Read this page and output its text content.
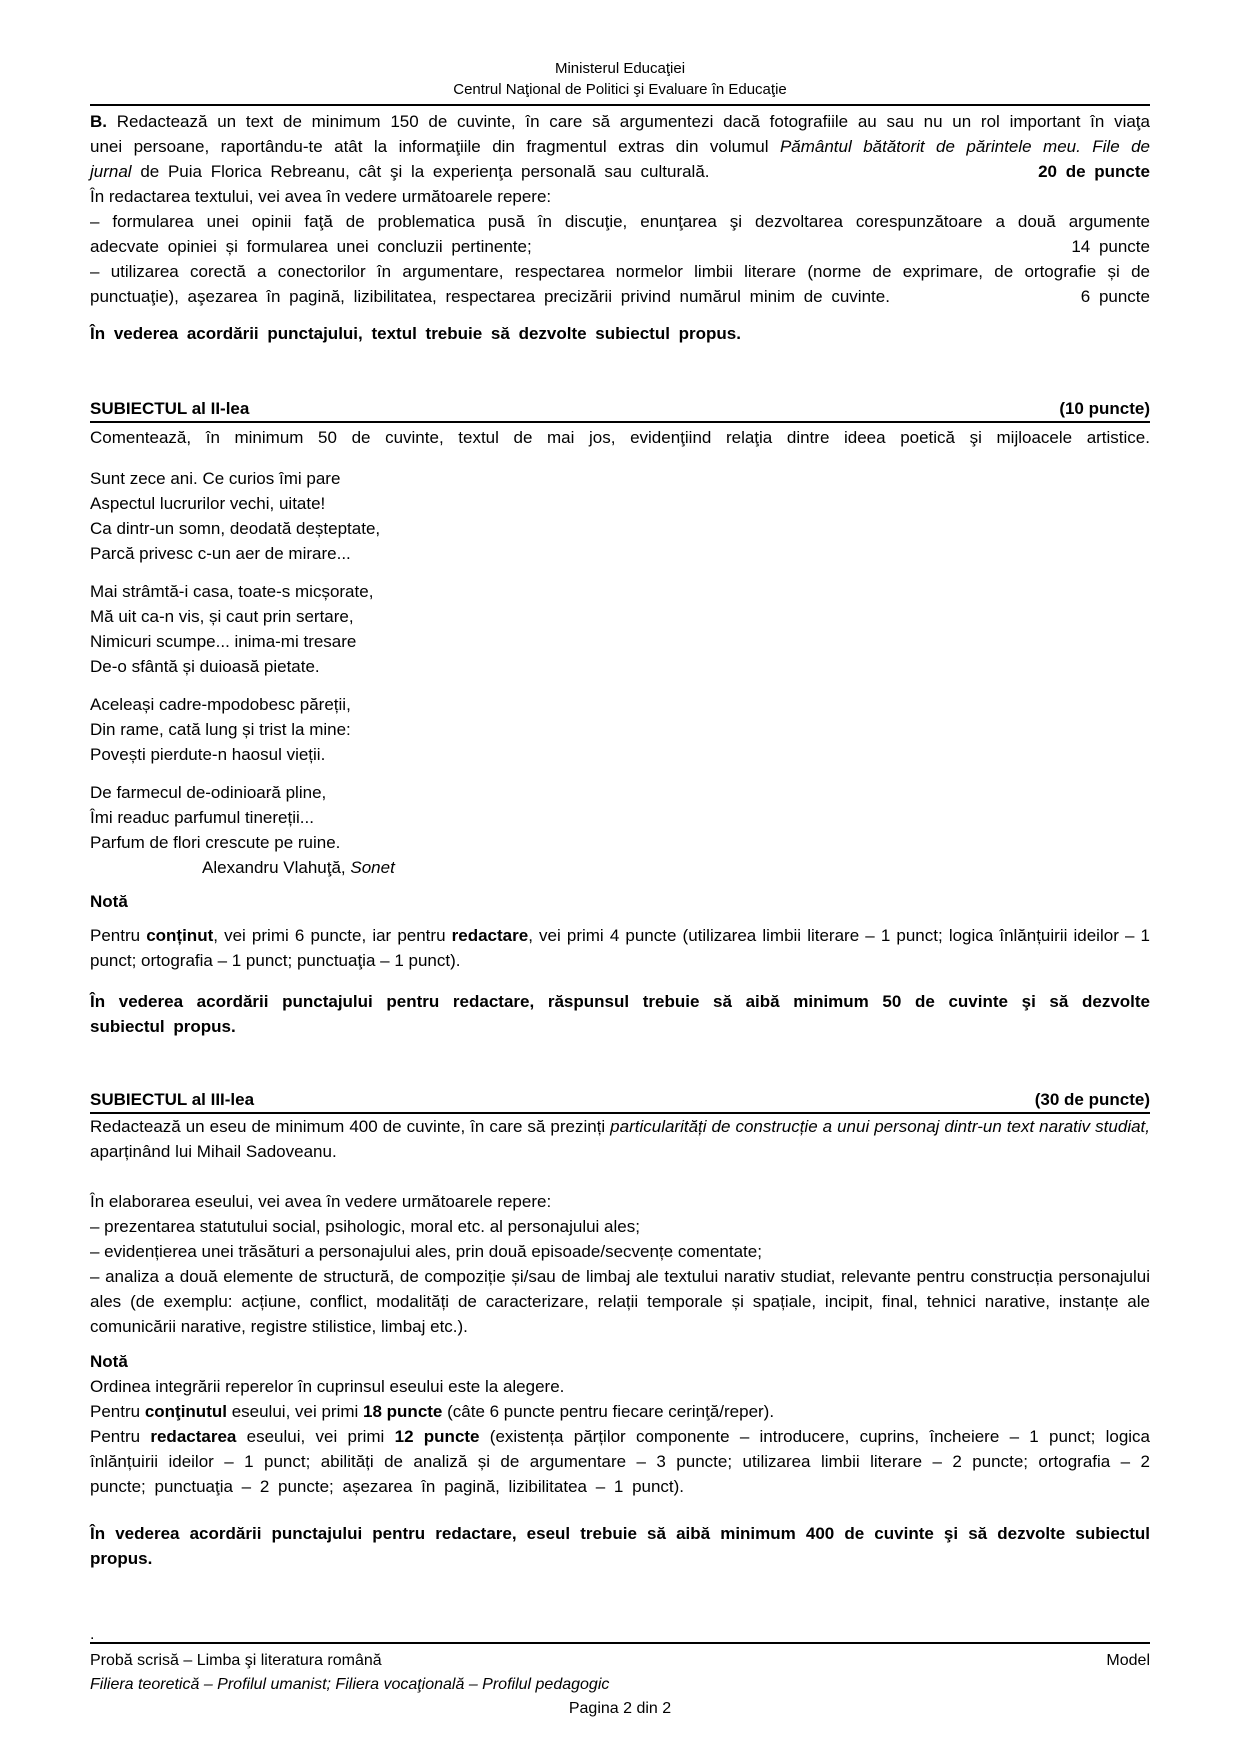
Ministerul Educaţiei
Centrul Naţional de Politici şi Evaluare în Educaţie

B. Redactează un text de minimum 150 de cuvinte, în care să argumentezi dacă fotografiile au sau nu un rol important în viaţa unei persoane, raportându-te atât la informaţiile din fragmentul extras din volumul Pământul bătătorit de părintele meu. File de jurnal de Puia Florica Rebreanu, cât şi la experienţa personală sau culturală.	20 de puncte

În redactarea textului, vei avea în vedere următoarele repere:

– formularea unei opinii faţă de problematica pusă în discuţie, enunţarea şi dezvoltarea corespunzătoare a două argumente adecvate opiniei și formularea unei concluzii pertinente;	14 puncte

– utilizarea corectă a conectorilor în argumentare, respectarea normelor limbii literare (norme de exprimare, de ortografie și de punctuaţie), aşezarea în pagină, lizibilitatea, respectarea precizării privind numărul minim de cuvinte.	6 puncte

În vederea acordării punctajului, textul trebuie să dezvolte subiectul propus.

SUBIECTUL al II-lea	(10 puncte)

Comentează, în minimum 50 de cuvinte, textul de mai jos, evidenţiind relaţia dintre ideea poetică şi mijloacele artistice.

Sunt zece ani. Ce curios îmi pare

Aspectul lucrurilor vechi, uitate!

Ca dintr-un somn, deodată deșteptate,

Parcă privesc c-un aer de mirare...

Mai strâmtă-i casa, toate-s micșorate,

Mă uit ca-n vis, și caut prin sertare,

Nimicuri scumpe... inima-mi tresare

De-o sfântă și duioasă pietate.

Aceleași cadre-mpodobesc păreții,

Din rame, cată lung și trist la mine:

Povești pierdute-n haosul vieții.

De farmecul de-odinioară pline,

Îmi readuc parfumul tinereții...

Parfum de flori crescute pe ruine.

Alexandru Vlahuţă, Sonet

Notă

Pentru conținut, vei primi 6 puncte, iar pentru redactare, vei primi 4 puncte (utilizarea limbii literare – 1 punct; logica înlănțuirii ideilor – 1 punct; ortografia – 1 punct; punctuaţia – 1 punct).

În vederea acordării punctajului pentru redactare, răspunsul trebuie să aibă minimum 50 de cuvinte şi să dezvolte subiectul propus.

SUBIECTUL al III-lea	(30 de puncte)

Redactează un eseu de minimum 400 de cuvinte, în care să prezinți particularități de construcție a unui personaj dintr-un text narativ studiat, aparținând lui Mihail Sadoveanu.

În elaborarea eseului, vei avea în vedere următoarele repere:

– prezentarea statutului social, psihologic, moral etc. al personajului ales;

– evidențierea unei trăsături a personajului ales, prin două episoade/secvențe comentate;

– analiza a două elemente de structură, de compoziție și/sau de limbaj ale textului narativ studiat, relevante pentru construcția personajului ales (de exemplu: acțiune, conflict, modalități de caracterizare, relații temporale și spațiale, incipit, final, tehnici narative, instanțe ale comunicării narative, registre stilistice, limbaj etc.).

Notă

Ordinea integrării reperelor în cuprinsul eseului este la alegere.

Pentru conţinutul eseului, vei primi 18 puncte (câte 6 puncte pentru fiecare cerinţă/reper).

Pentru redactarea eseului, vei primi 12 puncte (existența părților componente – introducere, cuprins, încheiere – 1 punct; logica înlănțuirii ideilor – 1 punct; abilități de analiză și de argumentare – 3 puncte; utilizarea limbii literare – 2 puncte; ortografia – 2 puncte; punctuaţia – 2 puncte; așezarea în pagină, lizibilitatea – 1 punct).

În vederea acordării punctajului pentru redactare, eseul trebuie să aibă minimum 400 de cuvinte şi să dezvolte subiectul propus.

.
Probă scrisă – Limba şi literatura română	Model
Filiera teoretică – Profilul umanist; Filiera vocaţională – Profilul pedagogic
Pagina 2 din 2
